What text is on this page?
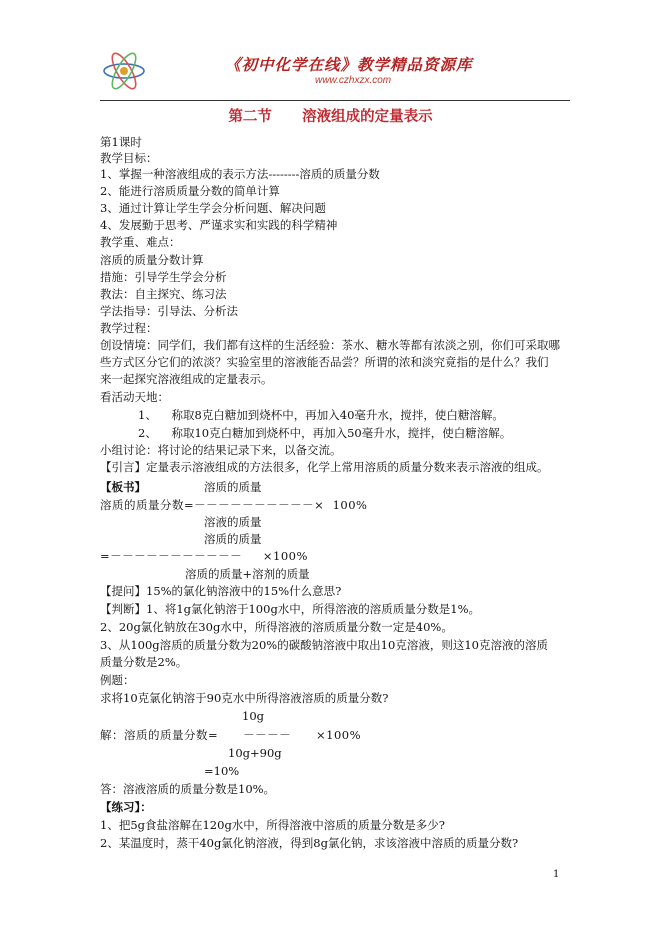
《初中化学在线》教学精品资源库
www.czhxzx.com
第二节      溶液组成的定量表示
第1课时
教学目标：
1、掌握一种溶液组成的表示方法--------溶质的质量分数
2、能进行溶质质量分数的简单计算
3、通过计算让学生学会分析问题、解决问题
4、发展勤于思考、严谨求实和实践的科学精神
教学重、难点：
溶质的质量分数计算
措施：引导学生学会分析
教法：自主探究、练习法
学法指导：引导法、分析法
教学过程：
创设情境：同学们，我们都有这样的生活经验：茶水、糖水等都有浓淡之别，你们可采取哪
些方式区分它们的浓淡？实验室里的溶液能否品尝？所谓的浓和淡究竟指的是什么？我们
来一起探究溶液组成的定量表示。
看活动天地：
1、    称取8克白糖加到烧杯中，再加入40毫升水，搅拌，使白糖溶解。
2、    称取10克白糖加到烧杯中，再加入50毫升水，搅拌，使白糖溶解。
小组讨论：将讨论的结果记录下来，以备交流。
【引言】定量表示溶液组成的方法很多，化学上常用溶质的质量分数来表示溶液的组成。
【板书】	溶质的质量
溶质的质量分数=－－－－－－－－－－×  100%
溶液的质量
溶质的质量
=－－－－－－－－－－－     ×100%
溶质的质量+溶剂的质量
【提问】15%的氯化钠溶液中的15%什么意思?
【判断】1、将1g氯化钠溶于100g水中，所得溶液的溶质质量分数是1%。
2、20g氯化钠放在30g水中，所得溶液的溶质质量分数一定是40%。
3、从100g溶质的质量分数为20%的碳酸钠溶液中取出10克溶液，则这10克溶液的溶质
质量分数是2%。
例题：
求将10克氯化钠溶于90克水中所得溶液溶质的质量分数?
10g
解：溶质的质量分数=      －－－－      ×100%
10g+90g
=10%
答：溶液溶质的质量分数是10%。
【练习】：
1、把5g食盐溶解在120g水中，所得溶液中溶质的质量分数是多少?
2、某温度时，蒸干40g氯化钠溶液，得到8g氯化钠，求该溶液中溶质的质量分数?
1
